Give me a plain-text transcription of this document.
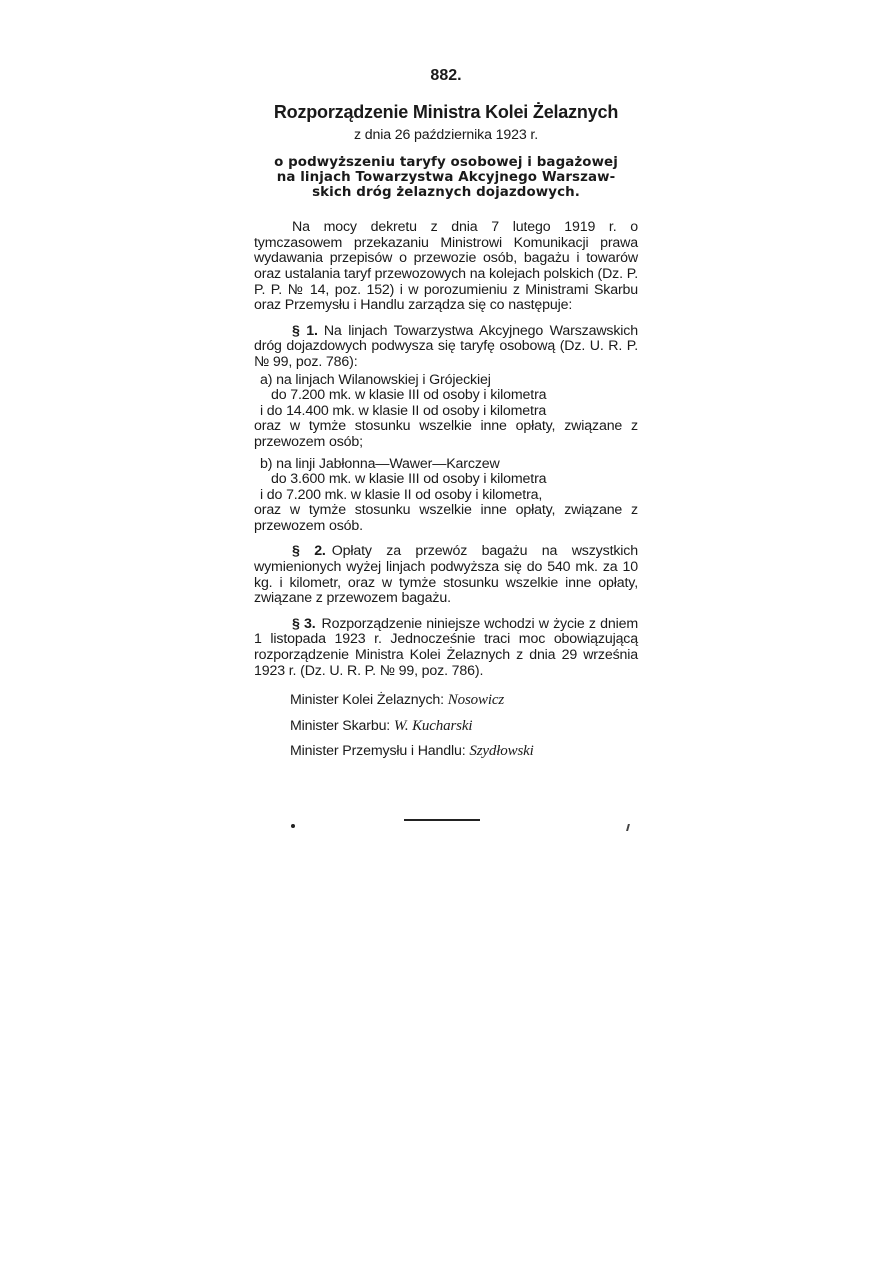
882.
Rozporządzenie Ministra Kolei Żelaznych
z dnia 26 października 1923 r.
o podwyższeniu taryfy osobowej i bagażowej
na linjach Towarzystwa Akcyjnego Warszaw-
skich dróg żelaznych dojazdowych.

Na mocy dekretu z dnia 7 lutego 1919 r. o tymczasowem przekazaniu Ministrowi Komunikacji prawa wydawania przepisów o przewozie osób, bagażu i towarów oraz ustalania taryf przewozowych na kolejach polskich (Dz. P. P. P. № 14, poz. 152) i w porozumieniu z Ministrami Skarbu oraz Przemysłu i Handlu zarządza się co następuje:

§ 1. Na linjach Towarzystwa Akcyjnego Warszawskich dróg dojazdowych podwysza się taryfę osobową (Dz. U. R. P. № 99, poz. 786):

a) na linjach Wilanowskiej i Grójeckiej
do 7.200 mk. w klasie III od osoby i kilometra
i do 14.400 mk. w klasie II od osoby i kilometra
oraz w tymże stosunku wszelkie inne opłaty, związane z przewozem osób;
b) na linji Jabłonna—Wawer—Karczew
do 3.600 mk. w klasie III od osoby i kilometra
i do 7.200 mk. w klasie II od osoby i kilometra,
oraz w tymże stosunku wszelkie inne opłaty, związane z przewozem osób.

§ 2. Opłaty za przewóz bagażu na wszystkich wymienionych wyżej linjach podwyższa się do 540 mk. za 10 kg. i kilometr, oraz w tymże stosunku wszelkie inne opłaty, związane z przewozem bagażu.

§ 3. Rozporządzenie niniejsze wchodzi w życie z dniem 1 listopada 1923 r. Jednocześnie traci moc obowiązującą rozporządzenie Ministra Kolei Żelaznych z dnia 29 września 1923 r. (Dz. U. R. P. № 99, poz. 786).

Minister Kolei Żelaznych: Nosowicz
Minister Skarbu: W. Kucharski
Minister Przemysłu i Handlu: Szydłowski
